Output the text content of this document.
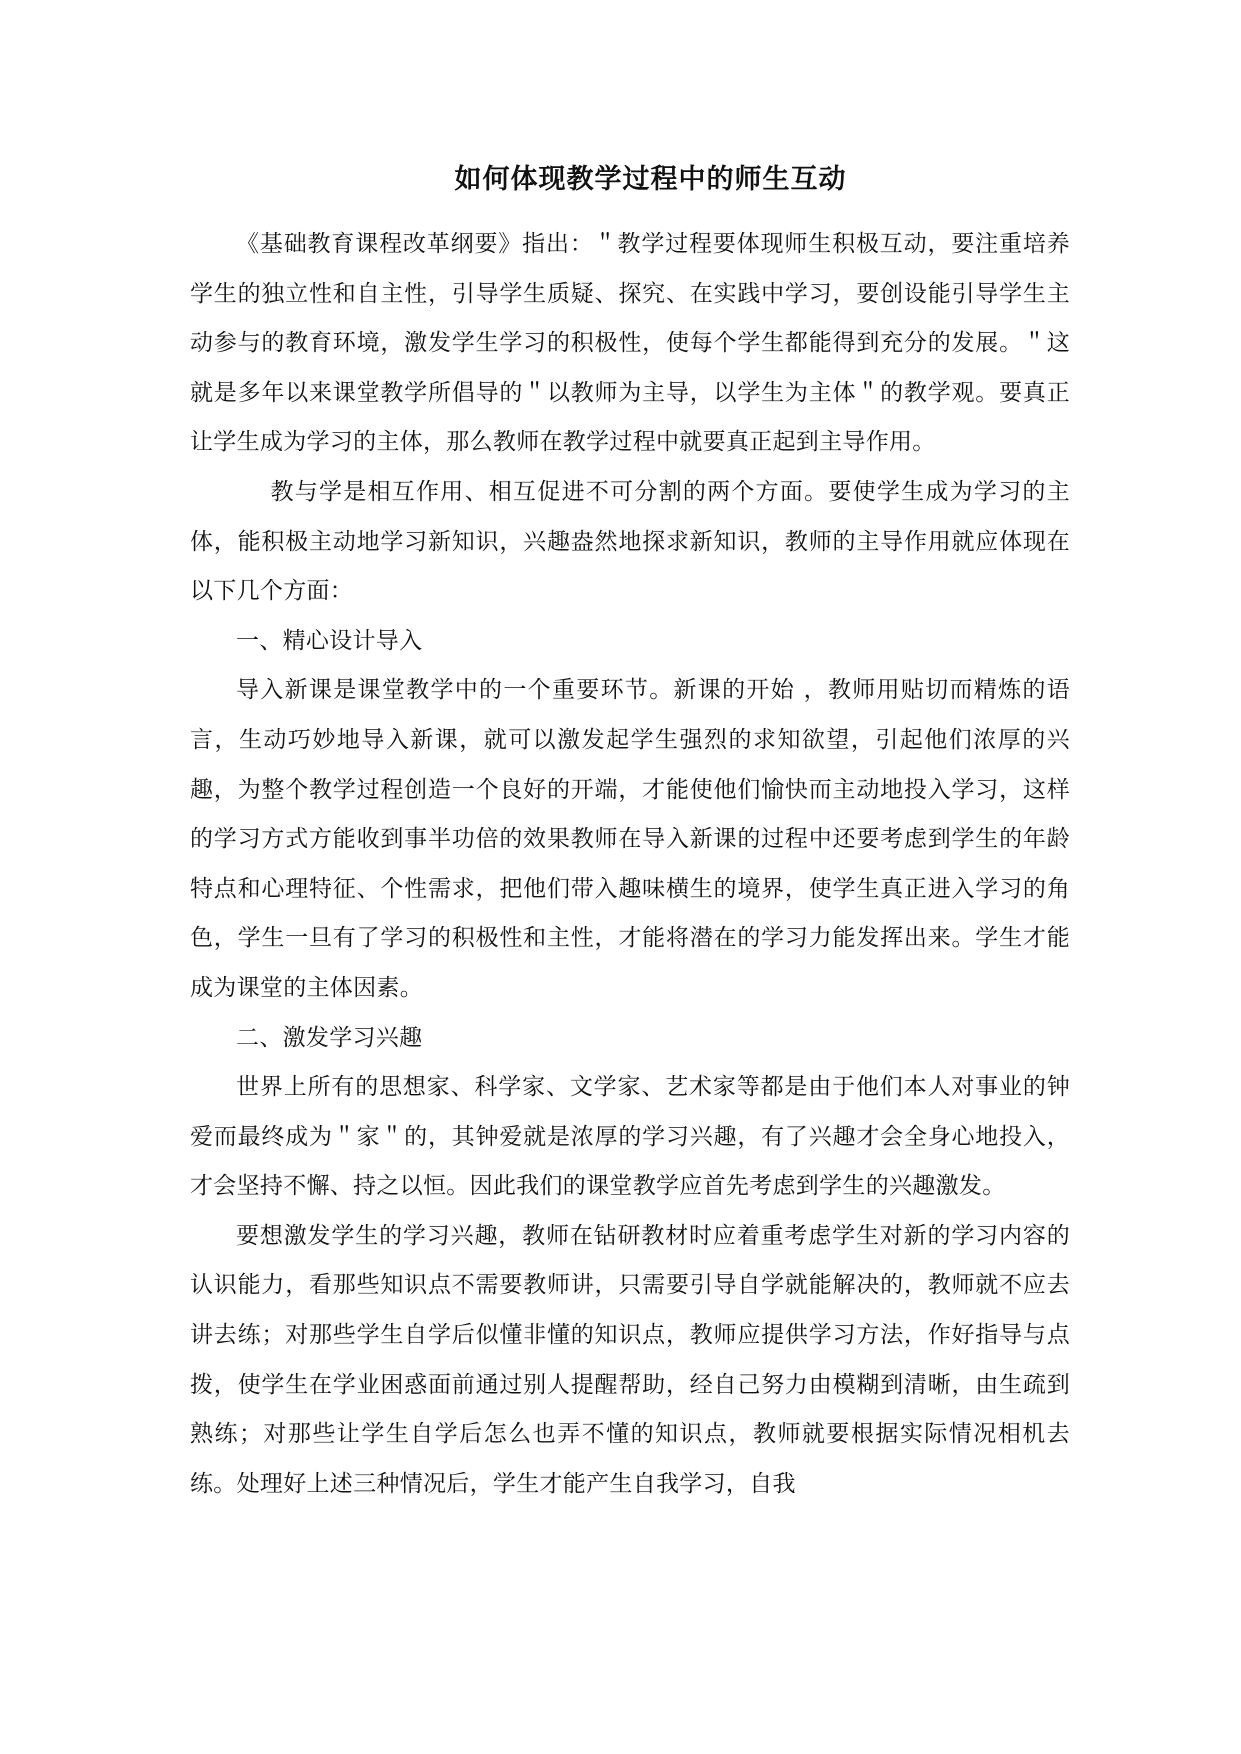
如何体现教学过程中的师生互动

《基础教育课程改革纲要》指出：＂教学过程要体现师生积极互动，要注重培养学生的独立性和自主性，引导学生质疑、探究、在实践中学习，要创设能引导学生主动参与的教育环境，激发学生学习的积极性，使每个学生都能得到充分的发展。＂这就是多年以来课堂教学所倡导的＂以教师为主导，以学生为主体＂的教学观。要真正让学生成为学习的主体，那么教师在教学过程中就要真正起到主导作用。

教与学是相互作用、相互促进不可分割的两个方面。要使学生成为学习的主体，能积极主动地学习新知识，兴趣盎然地探求新知识，教师的主导作用就应体现在以下几个方面：

一、精心设计导入

导入新课是课堂教学中的一个重要环节。新课的开始 ，教师用贴切而精炼的语言，生动巧妙地导入新课，就可以激发起学生强烈的求知欲望，引起他们浓厚的兴趣，为整个教学过程创造一个良好的开端，才能使他们愉快而主动地投入学习，这样的学习方式方能收到事半功倍的效果教师在导入新课的过程中还要考虑到学生的年龄特点和心理特征、个性需求，把他们带入趣味横生的境界，使学生真正进入学习的角色，学生一旦有了学习的积极性和主性，才能将潜在的学习力能发挥出来。学生才能成为课堂的主体因素。

二、激发学习兴趣

世界上所有的思想家、科学家、文学家、艺术家等都是由于他们本人对事业的钟爱而最终成为＂家＂的，其钟爱就是浓厚的学习兴趣，有了兴趣才会全身心地投入，才会坚持不懈、持之以恒。因此我们的课堂教学应首先考虑到学生的兴趣激发。

要想激发学生的学习兴趣，教师在钻研教材时应着重考虑学生对新的学习内容的认识能力，看那些知识点不需要教师讲，只需要引导自学就能解决的，教师就不应去讲去练；对那些学生自学后似懂非懂的知识点，教师应提供学习方法，作好指导与点拨，使学生在学业困惑面前通过别人提醒帮助，经自己努力由模糊到清晰，由生疏到熟练；对那些让学生自学后怎么也弄不懂的知识点，教师就要根据实际情况相机去练。处理好上述三种情况后，学生才能产生自我学习，自我
